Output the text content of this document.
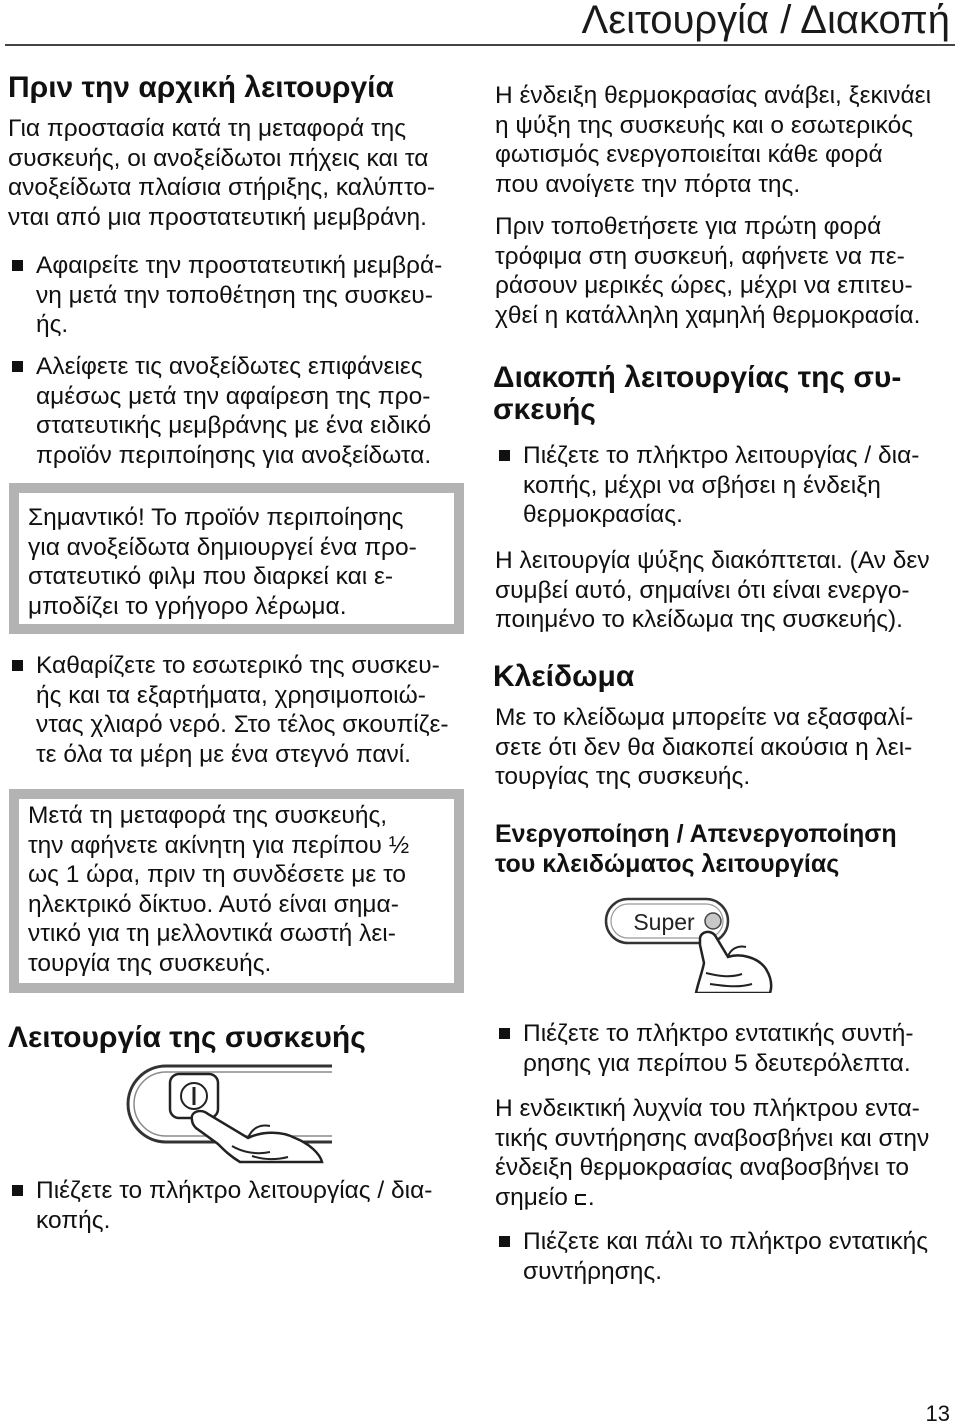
Λειτουργία / Διακοπή
Πριν την αρχική λειτουργία
Για προστασία κατά τη μεταφορά της
συσκευής, οι ανοξείδωτοι πήχεις και τα
ανοξείδωτα πλαίσια στήριξης, καλύπτο-
νται από μια προστατευτική μεμβράνη.
Αφαιρείτε την προστατευτική μεμβρά-
νη μετά την τοποθέτηση της συσκευ-
ής.
Αλείφετε τις ανοξείδωτες επιφάνειες
αμέσως μετά την αφαίρεση της προ-
στατευτικής μεμβράνης με ένα ειδικό
προϊόν περιποίησης για ανοξείδωτα.
Σημαντικό! Το προϊόν περιποίησης
για ανοξείδωτα δημιουργεί ένα προ-
στατευτικό φιλμ που διαρκεί και ε-
μποδίζει το γρήγορο λέρωμα.
Καθαρίζετε το εσωτερικό της συσκευ-
ής και τα εξαρτήματα, χρησιμοποιώ-
ντας χλιαρό νερό. Στο τέλος σκουπίζε-
τε όλα τα μέρη με ένα στεγνό πανί.
Μετά τη μεταφορά της συσκευής,
την αφήνετε ακίνητη για περίπου ½
ως 1 ώρα, πριν τη συνδέσετε με το
ηλεκτρικό δίκτυο. Αυτό είναι σημα-
ντικό για τη μελλοντικά σωστή λει-
τουργία της συσκευής.
Λειτουργία της συσκευής
Πιέζετε το πλήκτρο λειτουργίας / δια-
κοπής.
Η ένδειξη θερμοκρασίας ανάβει, ξεκινάει
η ψύξη της συσκευής και ο εσωτερικός
φωτισμός ενεργοποιείται κάθε φορά
που ανοίγετε την πόρτα της.
Πριν τοποθετήσετε για πρώτη φορά
τρόφιμα στη συσκευή, αφήνετε να πε-
ράσουν μερικές ώρες, μέχρι να επιτευ-
χθεί η κατάλληλη χαμηλή θερμοκρασία.
Διακοπή λειτουργίας της συ-
σκευής
Πιέζετε το πλήκτρο λειτουργίας / δια-
κοπής, μέχρι να σβήσει η ένδειξη
θερμοκρασίας.
Η λειτουργία ψύξης διακόπτεται. (Αν δεν
συμβεί αυτό, σημαίνει ότι είναι ενεργο-
ποιημένο το κλείδωμα της συσκευής).
Κλείδωμα
Με το κλείδωμα μπορείτε να εξασφαλί-
σετε ότι δεν θα διακοπεί ακούσια η λει-
τουργίας της συσκευής.
Ενεργοποίηση / Απενεργοποίηση
του κλειδώματος λειτουργίας
Super
Πιέζετε το πλήκτρο εντατικής συντή-
ρησης για περίπου 5 δευτερόλεπτα.
Η ενδεικτική λυχνία του πλήκτρου εντα-
τικής συντήρησης αναβοσβήνει και στην
ένδειξη θερμοκρασίας αναβοσβήνει το
σημείο .
Πιέζετε και πάλι το πλήκτρο εντατικής
συντήρησης.
13
